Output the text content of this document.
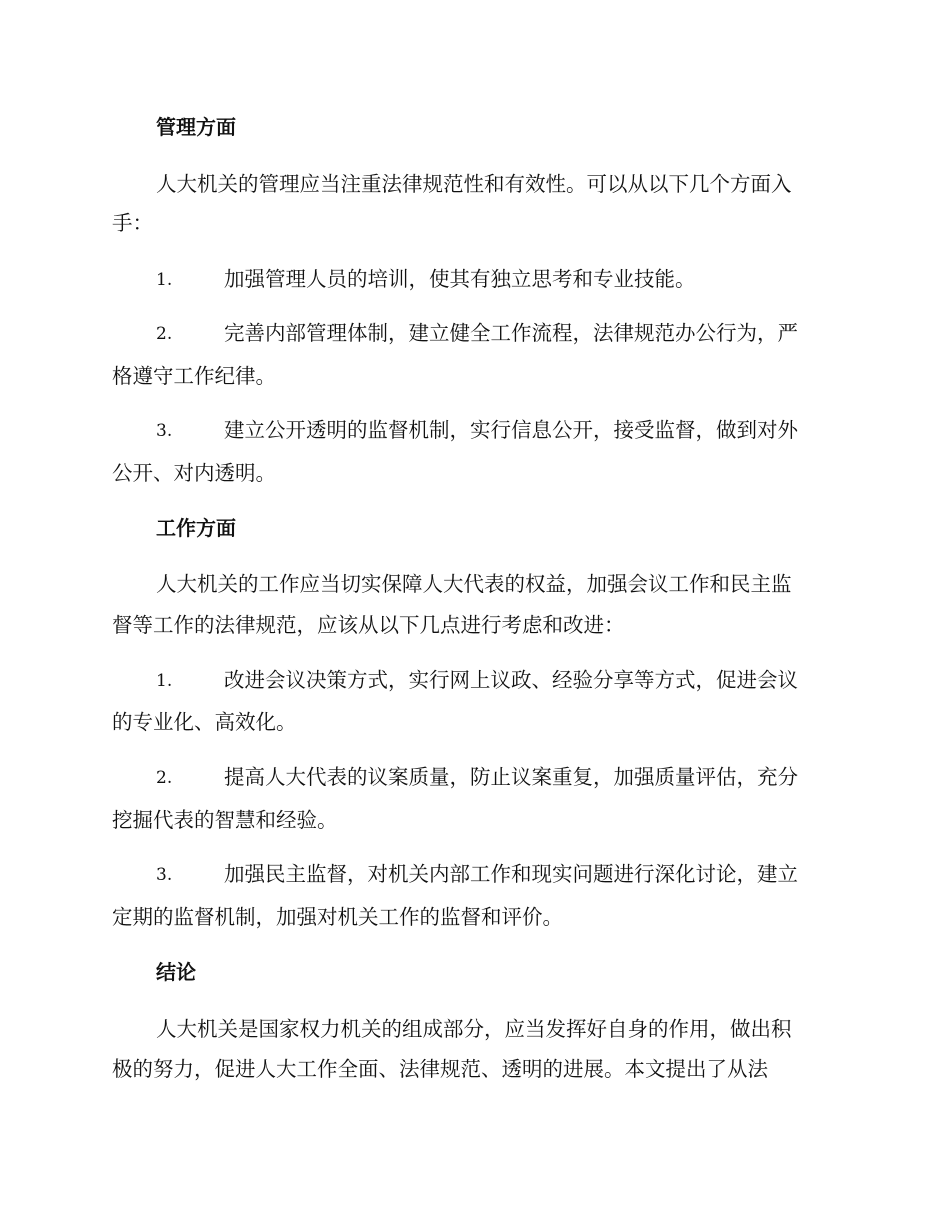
管理方面

人大机关的管理应当注重法律规范性和有效性。可以从以下几个方面入

手：

1.	加强管理人员的培训，使其有独立思考和专业技能。
2.	完善内部管理体制，建立健全工作流程，法律规范办公行为，严

格遵守工作纪律。

3.	建立公开透明的监督机制，实行信息公开，接受监督，做到对外

公开、对内透明。

工作方面

人大机关的工作应当切实保障人大代表的权益，加强会议工作和民主监

督等工作的法律规范，应该从以下几点进行考虑和改进：

1.	改进会议决策方式，实行网上议政、经验分享等方式，促进会议

的专业化、高效化。

2.	提高人大代表的议案质量，防止议案重复，加强质量评估，充分

挖掘代表的智慧和经验。

3.	加强民主监督，对机关内部工作和现实问题进行深化讨论，建立

定期的监督机制，加强对机关工作的监督和评价。

结论

人大机关是国家权力机关的组成部分，应当发挥好自身的作用，做出积

极的努力，促进人大工作全面、法律规范、透明的进展。本文提出了从法
